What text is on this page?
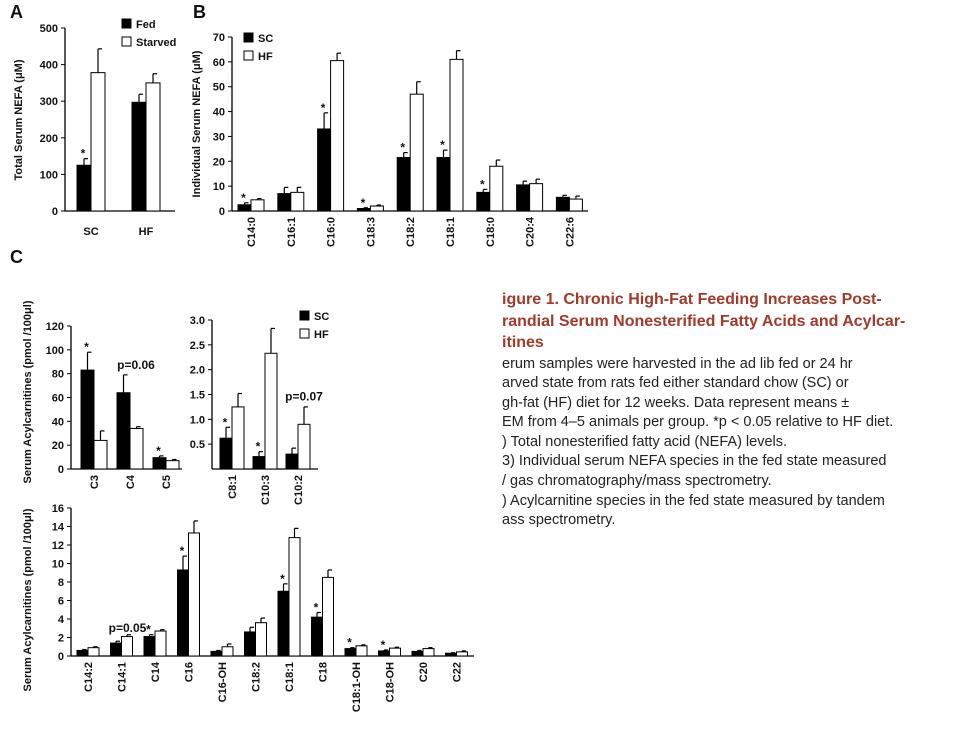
A	B
C
0
100
200
300
400
500
Total Serum NEFA (μM)	*
SC	HF
Fed
Starved
0
10
20
30
40
50
60
70
Individual Serum NEFA (μM)
*
C14:0	C16:1
*
C16:0
*
C18:3
*
C18:2
*
C18:1
*
C18:0	C20:4	C22:6
SC
HF
0
20
40
60
80
100
120
Serum Acylcarnitines (pmol /100μl)	*
C3 C4
*
C5
p=0.06
0.5
1.0
1.5
2.0
2.5
3.0
*
C8:1
*
C10:3 C10:2
p=0.07
SC
HF
0
2
4
6
8
10
12
14
16
Serum Acylcarnitines (pmol /100μl)	C14:2 C14:1
*
C14
*
C16 C16-OH C18:2
*
C18:1
*
C18
*
C18:1-OH
*
C18-OH C20 C22
p=0.05
igure 1. Chronic High-Fat Feeding Increases Post-
randial Serum Nonesterified Fatty Acids and Acylcar-
itines
erum samples were harvested in the ad lib fed or 24 hr
arved state from rats fed either standard chow (SC) or
gh-fat (HF) diet for 12 weeks. Data represent means ±
EM from 4–5 animals per group. *p < 0.05 relative to HF diet.
) Total nonesterified fatty acid (NEFA) levels.
3) Individual serum NEFA species in the fed state measured
/ gas chromatography/mass spectrometry.
) Acylcarnitine species in the fed state measured by tandem
ass spectrometry.
